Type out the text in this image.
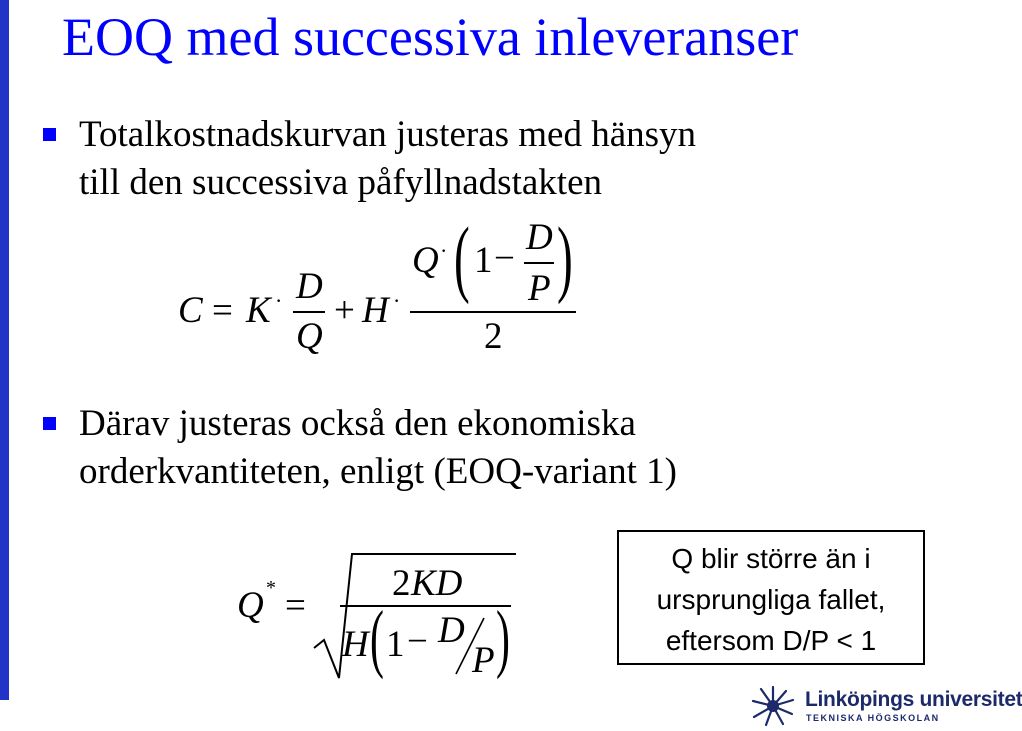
EOQ med successiva inleveranser
Totalkostnadskurvan justeras med hänsyn
till den successiva påfyllnadstakten
C = K · D
Q
+ H ·
Q · ( 1 −
D
P )
2
Därav justeras också den ekonomiska
orderkvantiteten, enligt (EOQ-variant 1)
Q * =
2 KD
H ( 1 − D
P )
Q blir större än i
ursprungliga fallet,
eftersom D/P < 1
Linköpings universitet
TEKNISKA HÖGSKOLAN
